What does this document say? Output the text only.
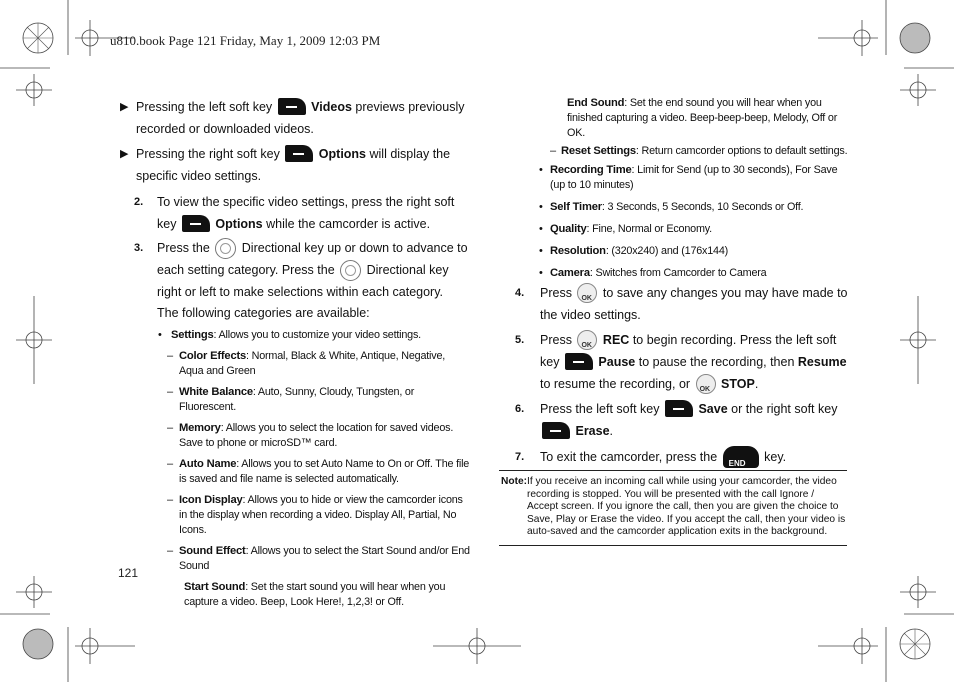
u810.book Page 121 Friday, May 1, 2009 12:03 PM
121
▶ Pressing the left soft key	Videos previews previously recorded or downloaded videos.
▶ Pressing the right soft key	Options will display the specific video settings.
2. To view the specific video settings, press the right soft key	Options while the camcorder is active.
3. Press the	Directional key up or down to advance to each setting category. Press the	Directional key right or left to make selections within each category.
The following categories are available:
• Settings: Allows you to customize your video settings.
– Color Effects: Normal, Black & White, Antique, Negative, Aqua and Green
– White Balance: Auto, Sunny, Cloudy, Tungsten, or Fluorescent.
– Memory: Allows you to select the location for saved videos. Save to phone or microSD™ card.
– Auto Name: Allows you to set Auto Name to On or Off. The file is saved and file name is selected automatically.
– Icon Display: Allows you to hide or view the camcorder icons in the display when recording a video. Display All, Partial, No Icons.
– Sound Effect: Allows you to select the Start Sound and/or End Sound
Start Sound: Set the start sound you will hear when you capture a video. Beep, Look Here!, 1,2,3! or Off.
End Sound: Set the end sound you will hear when you finished capturing a video. Beep-beep-beep, Melody, Off or OK.
– Reset Settings: Return camcorder options to default settings.
• Recording Time: Limit for Send (up to 30 seconds), For Save (up to 10 minutes)
• Self Timer: 3 Seconds, 5 Seconds, 10 Seconds or Off.
• Quality: Fine, Normal or Economy.
• Resolution: (320x240) and (176x144)
• Camera: Switches from Camcorder to Camera
4. Press OK to save any changes you may have made to the video settings.
5. Press OK REC to begin recording. Press the left soft key	Pause to pause the recording, then Resume to resume the recording, or OK STOP.
6. Press the left soft key	Save or the right soft key  Erase.
7. To exit the camcorder, press the END	key.
Note: If you receive an incoming call while using your camcorder, the video recording is stopped. You will be presented with the call Ignore / Accept screen. If you ignore the call, then you are given the choice to Save, Play or Erase the video. If you accept the call, then your video is auto-saved and the camcorder application exits in the background.
